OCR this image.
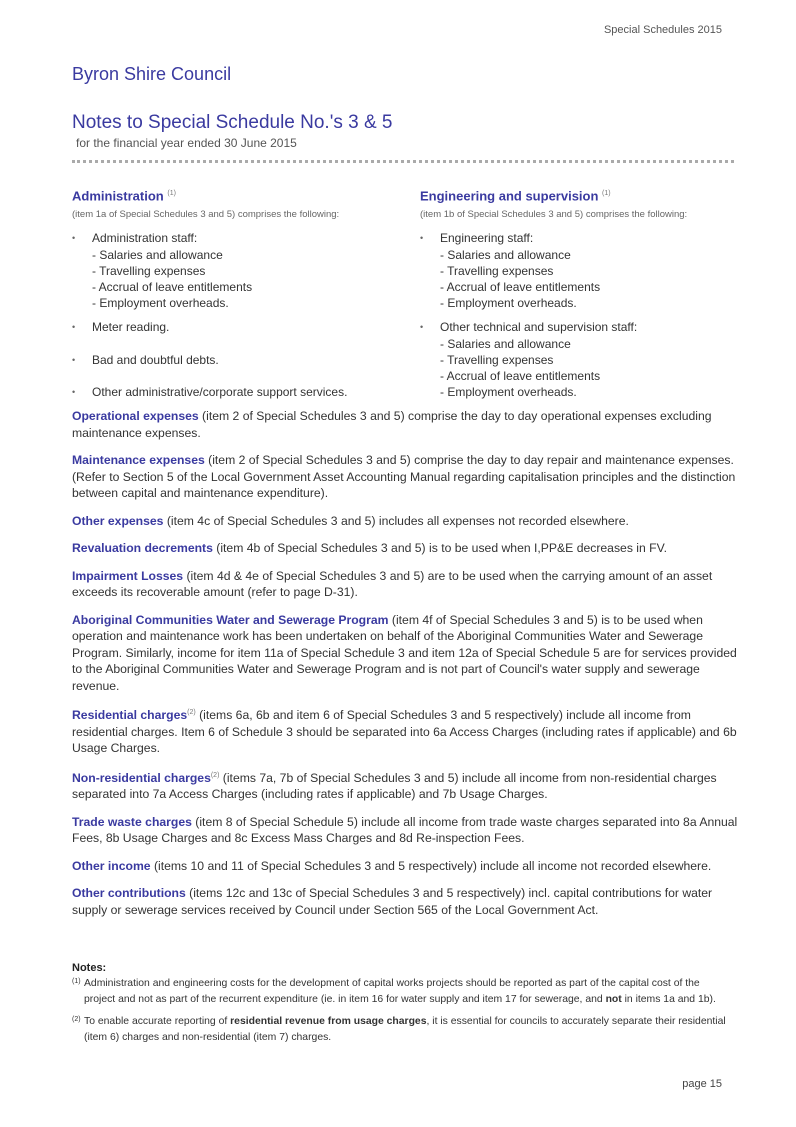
Special Schedules 2015
Byron Shire Council
Notes to Special Schedule No.'s 3 & 5
for the financial year ended 30 June 2015
Administration $^{(1)}$
(item 1a of Special Schedules 3 and 5) comprises the following:
• Administration staff:
- Salaries and allowance
- Travelling expenses
- Accrual of leave entitlements
- Employment overheads.
• Meter reading.
• Bad and doubtful debts.
• Other administrative/corporate support services.
Engineering and supervision $^{(1)}$
(item 1b of Special Schedules 3 and 5) comprises the following:
• Engineering staff:
- Salaries and allowance
- Travelling expenses
- Accrual of leave entitlements
- Employment overheads.
• Other technical and supervision staff:
- Salaries and allowance
- Travelling expenses
- Accrual of leave entitlements
- Employment overheads.

Operational expenses (item 2 of Special Schedules 3 and 5) comprise the day to day operational expenses excluding maintenance expenses.

Maintenance expenses (item 2 of Special Schedules 3 and 5) comprise the day to day repair and maintenance expenses. (Refer to Section 5 of the Local Government Asset Accounting Manual regarding capitalisation principles and the distinction between capital and maintenance expenditure).

Other expenses (item 4c of Special Schedules 3 and 5) includes all expenses not recorded elsewhere.

Revaluation decrements (item 4b of Special Schedules 3 and 5) is to be used when I,PP&E decreases in FV.

Impairment Losses (item 4d & 4e of Special Schedules 3 and 5) are to be used when the carrying amount of an asset exceeds its recoverable amount (refer to page D-31).

Aboriginal Communities Water and Sewerage Program (item 4f of Special Schedules 3 and 5) is to be used when operation and maintenance work has been undertaken on behalf of the Aboriginal Communities Water and Sewerage Program. Similarly, income for item 11a of Special Schedule 3 and item 12a of Special Schedule 5 are for services provided to the Aboriginal Communities Water and Sewerage Program and is not part of Council's water supply and sewerage revenue.

Residential charges$^{(2)}$ (items 6a, 6b and item 6 of Special Schedules 3 and 5 respectively) include all income from residential charges. Item 6 of Schedule 3 should be separated into 6a Access Charges (including rates if applicable) and 6b Usage Charges.

Non-residential charges$^{(2)}$ (items 7a, 7b of Special Schedules 3 and 5) include all income from non-residential charges separated into 7a Access Charges (including rates if applicable) and 7b Usage Charges.

Trade waste charges (item 8 of Special Schedule 5) include all income from trade waste charges separated into 8a Annual Fees, 8b Usage Charges and 8c Excess Mass Charges and 8d Re-inspection Fees.

Other income (items 10 and 11 of Special Schedules 3 and 5 respectively) include all income not recorded elsewhere.

Other contributions (items 12c and 13c of Special Schedules 3 and 5 respectively) incl. capital contributions for water supply or sewerage services received by Council under Section 565 of the Local Government Act.

Notes:
(1) Administration and engineering costs for the development of capital works projects should be reported as part of the capital cost of the project and not as part of the recurrent expenditure (ie. in item 16 for water supply and item 17 for sewerage, and not in items 1a and 1b).
(2) To enable accurate reporting of residential revenue from usage charges, it is essential for councils to accurately separate their residential (item 6) charges and non-residential (item 7) charges.
page 15
